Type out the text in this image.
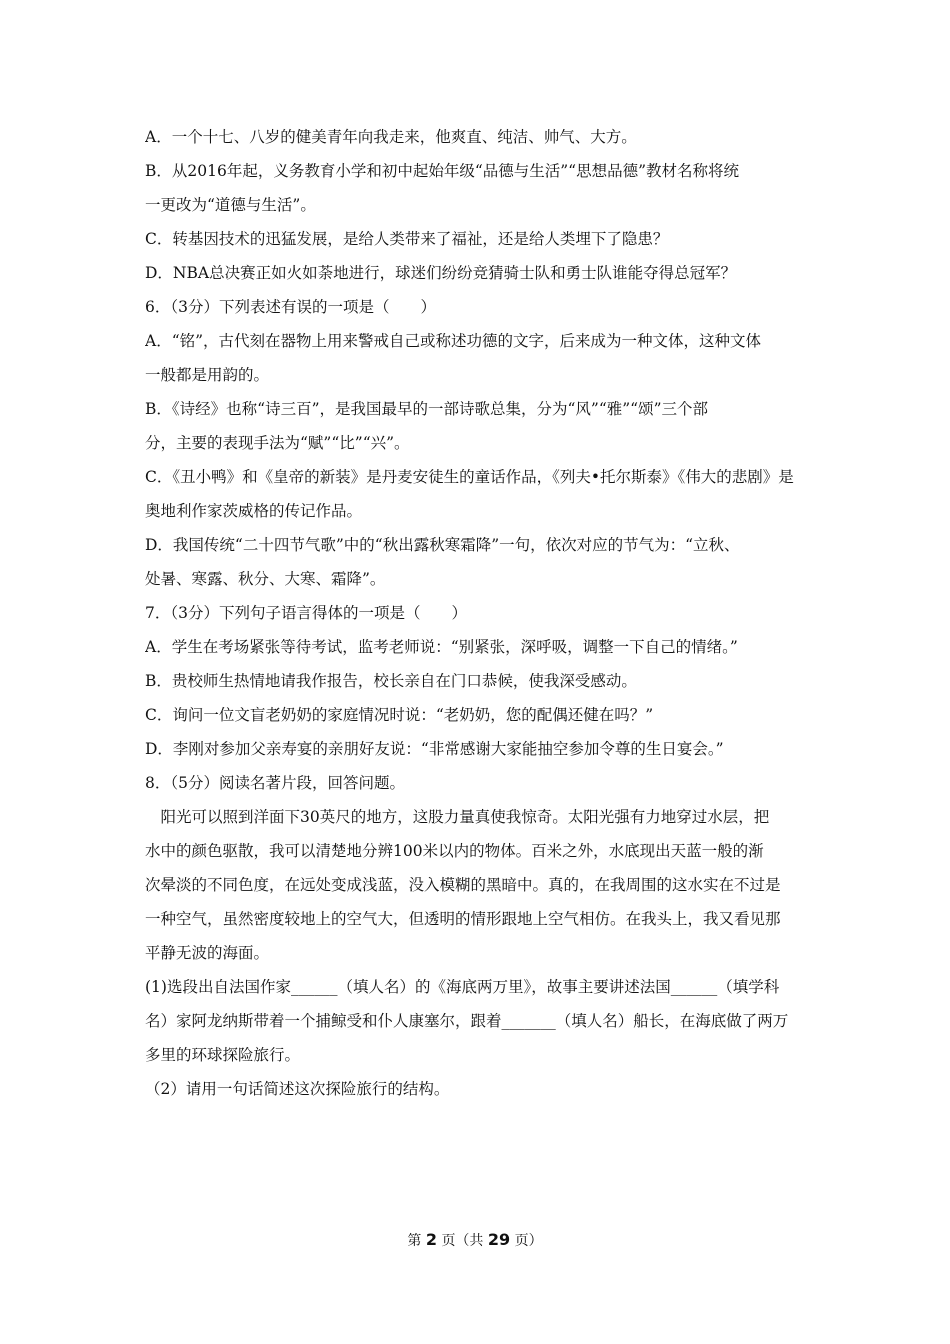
A．一个十七、八岁的健美青年向我走来，他爽直、纯洁、帅气、大方。
B．从2016年起，义务教育小学和初中起始年级“品德与生活”“思想品德”教材名称将统
一更改为“道德与生活”。
C．转基因技术的迅猛发展，是给人类带来了福祉，还是给人类埋下了隐患？
D．NBA总决赛正如火如荼地进行，球迷们纷纷竞猜骑士队和勇士队谁能夺得总冠军？
6．（3分）下列表述有误的一项是（　　）
A．“铭”，古代刻在器物上用来警戒自己或称述功德的文字，后来成为一种文体，这种文体
一般都是用韵的。
B．《诗经》也称“诗三百”，是我国最早的一部诗歌总集，分为“风”“雅”“颂”三个部
分，主要的表现手法为“赋”“比”“兴”。
C．《丑小鸭》和《皇帝的新装》是丹麦安徒生的童话作品，《列夫•托尔斯泰》《伟大的悲剧》是
奥地利作家茨威格的传记作品。
D．我国传统“二十四节气歌”中的“秋出露秋寒霜降”一句，依次对应的节气为：“立秋、
处暑、寒露、秋分、大寒、霜降”。
7．（3分）下列句子语言得体的一项是（　　）
A．学生在考场紧张等待考试，监考老师说：“别紧张，深呼吸，调整一下自己的情绪。”
B．贵校师生热情地请我作报告，校长亲自在门口恭候，使我深受感动。
C．询问一位文盲老奶奶的家庭情况时说：“老奶奶，您的配偶还健在吗？”
D．李刚对参加父亲寿宴的亲朋好友说：“非常感谢大家能抽空参加令尊的生日宴会。”
8．（5分）阅读名著片段，回答问题。
　阳光可以照到洋面下30英尺的地方，这股力量真使我惊奇。太阳光强有力地穿过水层，把
水中的颜色驱散，我可以清楚地分辨100米以内的物体。百米之外，水底现出天蓝一般的渐
次晕淡的不同色度，在远处变成浅蓝，没入模糊的黑暗中。真的，在我周围的这水实在不过是
一种空气，虽然密度较地上的空气大，但透明的情形跟地上空气相仿。在我头上，我又看见那
平静无波的海面。
(1)选段出自法国作家______（填人名）的《海底两万里》，故事主要讲述法国______（填学科
名）家阿龙纳斯带着一个捕鲸受和仆人康塞尔，跟着_______（填人名）船长，在海底做了两万
多里的环球探险旅行。
（2）请用一句话简述这次探险旅行的结构。
第 2 页（共 29 页）
